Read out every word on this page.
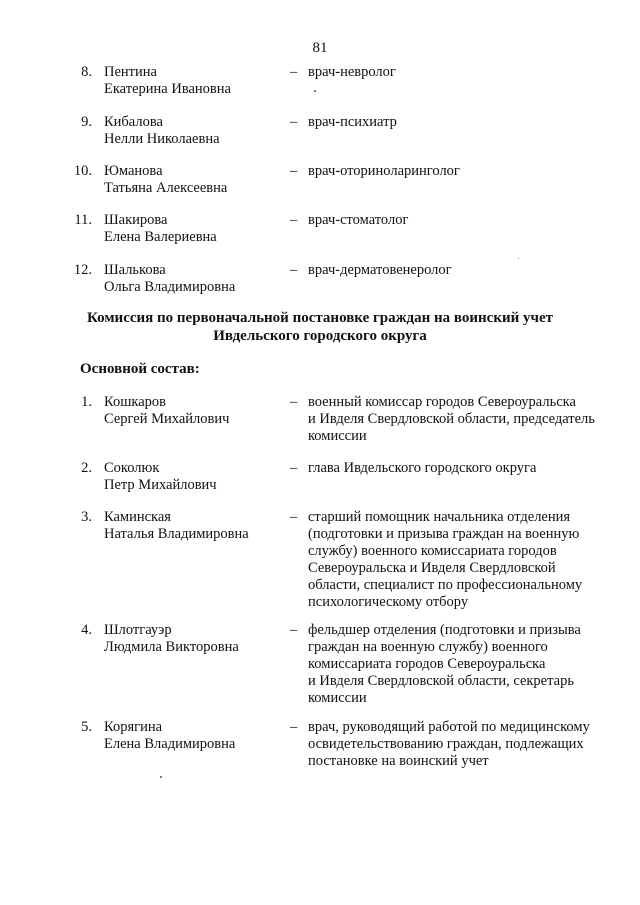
81
8. Пентина
Екатерина Ивановна
– врач-невролог
9. Кибалова
Нелли Николаевна
– врач-психиатр
10. Юманова
Татьяна Алексеевна
– врач-оториноларинголог
11. Шакирова
Елена Валериевна
– врач-стоматолог
12. Шалькова
Ольга Владимировна
– врач-дерматовенеролог
Комиссия по первоначальной постановке граждан на воинский учет
Ивдельского городского округа
Основной состав:
1. Кошкаров
Сергей Михайлович
– военный комиссар городов Североуральска
и Ивделя Свердловской области, председатель
комиссии
2. Соколюк
Петр Михайлович
– глава Ивдельского городского округа
3. Каминская
Наталья Владимировна
– старший помощник начальника отделения
(подготовки и призыва граждан на военную
службу) военного комиссариата городов
Североуральска и Ивделя Свердловской
области, специалист по профессиональному
психологическому отбору
4. Шлотгауэр
Людмила Викторовна
– фельдшер отделения (подготовки и призыва
граждан на военную службу) военного
комиссариата городов Североуральска
и Ивделя Свердловской области, секретарь
комиссии
5. Корягина
Елена Владимировна
– врач, руководящий работой по медицинскому
освидетельствованию граждан, подлежащих
постановке на воинский учет
